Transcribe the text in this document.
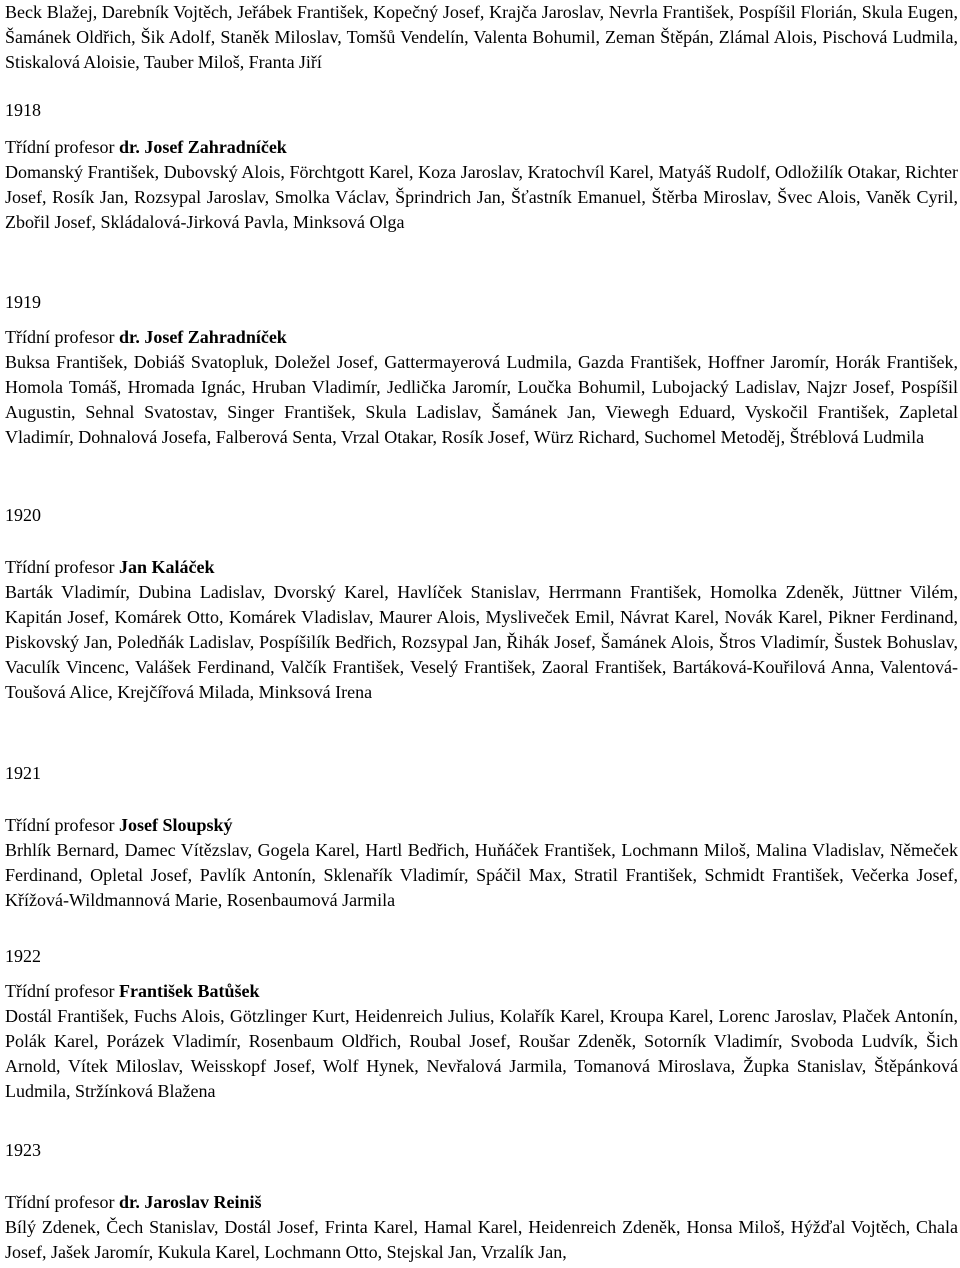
Beck Blažej, Darebník Vojtěch, Jeřábek František, Kopečný Josef, Krajča Jaroslav, Nevrla František, Pospíšil Florián, Skula Eugen, Šamánek Oldřich, Šik Adolf, Staněk Miloslav, Tomšů Vendelín, Valenta Bohumil, Zeman Štěpán, Zlámal Alois, Pischová Ludmila, Stiskalová Aloisie, Tauber Miloš, Franta Jiří

1918

Třídní profesor dr. Josef Zahradníček

Domanský František, Dubovský Alois, Förchtgott Karel, Koza Jaroslav, Kratochvíl Karel, Matyáš Rudolf, Odložilík Otakar, Richter Josef, Rosík Jan, Rozsypal Jaroslav, Smolka Václav, Šprindrich Jan, Šťastník Emanuel, Štěrba Miroslav, Švec Alois, Vaněk Cyril, Zbořil Josef, Skládalová-Jirková Pavla, Minksová Olga

1919

Třídní profesor dr. Josef Zahradníček

Buksa František, Dobiáš Svatopluk, Doležel Josef, Gattermayerová Ludmila, Gazda František, Hoffner Jaromír, Horák František, Homola Tomáš, Hromada Ignác, Hruban Vladimír, Jedlička Jaromír, Loučka Bohumil, Lubojacký Ladislav, Najzr Josef, Pospíšil Augustin, Sehnal Svatostav, Singer František, Skula Ladislav, Šamánek Jan, Viewegh Eduard, Vyskočil František, Zapletal Vladimír, Dohnalová Josefa, Falberová Senta, Vrzal Otakar, Rosík Josef, Würz Richard, Suchomel Metoděj, Štréblová Ludmila

1920

Třídní profesor Jan Kaláček

Barták Vladimír, Dubina Ladislav, Dvorský Karel, Havlíček Stanislav, Herrmann František, Homolka Zdeněk, Jüttner Vilém, Kapitán Josef, Komárek Otto, Komárek Vladislav, Maurer Alois, Mysliveček Emil, Návrat Karel, Novák Karel, Pikner Ferdinand, Piskovský Jan, Poledňák Ladislav, Pospíšilík Bedřich, Rozsypal Jan, Řihák Josef, Šamánek Alois, Štros Vladimír, Šustek Bohuslav, Vaculík Vincenc, Valášek Ferdinand, Valčík František, Veselý František, Zaoral František, Bartáková-Kouřilová Anna, Valentová-Toušová Alice, Krejčířová Milada, Minksová Irena

1921

Třídní profesor Josef Sloupský

Brhlík Bernard, Damec Vítězslav, Gogela Karel, Hartl Bedřich, Huňáček František, Lochmann Miloš, Malina Vladislav, Němeček Ferdinand, Opletal Josef, Pavlík Antonín, Sklenařík Vladimír, Spáčil Max, Stratil František, Schmidt František, Večerka Josef, Křížová-Wildmannová Marie, Rosenbaumová Jarmila

1922

Třídní profesor František Batůšek

Dostál František, Fuchs Alois, Götzlinger Kurt, Heidenreich Julius, Kolařík Karel, Kroupa Karel, Lorenc Jaroslav, Plaček Antonín, Polák Karel, Porázek Vladimír, Rosenbaum Oldřich, Roubal Josef, Roušar Zdeněk, Sotorník Vladimír, Svoboda Ludvík, Šich Arnold, Vítek Miloslav, Weisskopf Josef, Wolf Hynek, Nevřalová Jarmila, Tomanová Miroslava, Župka Stanislav, Štěpánková Ludmila, Stržínková Blažena

1923

Třídní profesor dr. Jaroslav Reiniš

Bílý Zdenek, Čech Stanislav, Dostál Josef, Frinta Karel, Hamal Karel, Heidenreich Zdeněk, Honsa Miloš, Hýžďal Vojtěch, Chala Josef, Jašek Jaromír, Kukula Karel, Lochmann Otto, Stejskal Jan, Vrzalík Jan,
